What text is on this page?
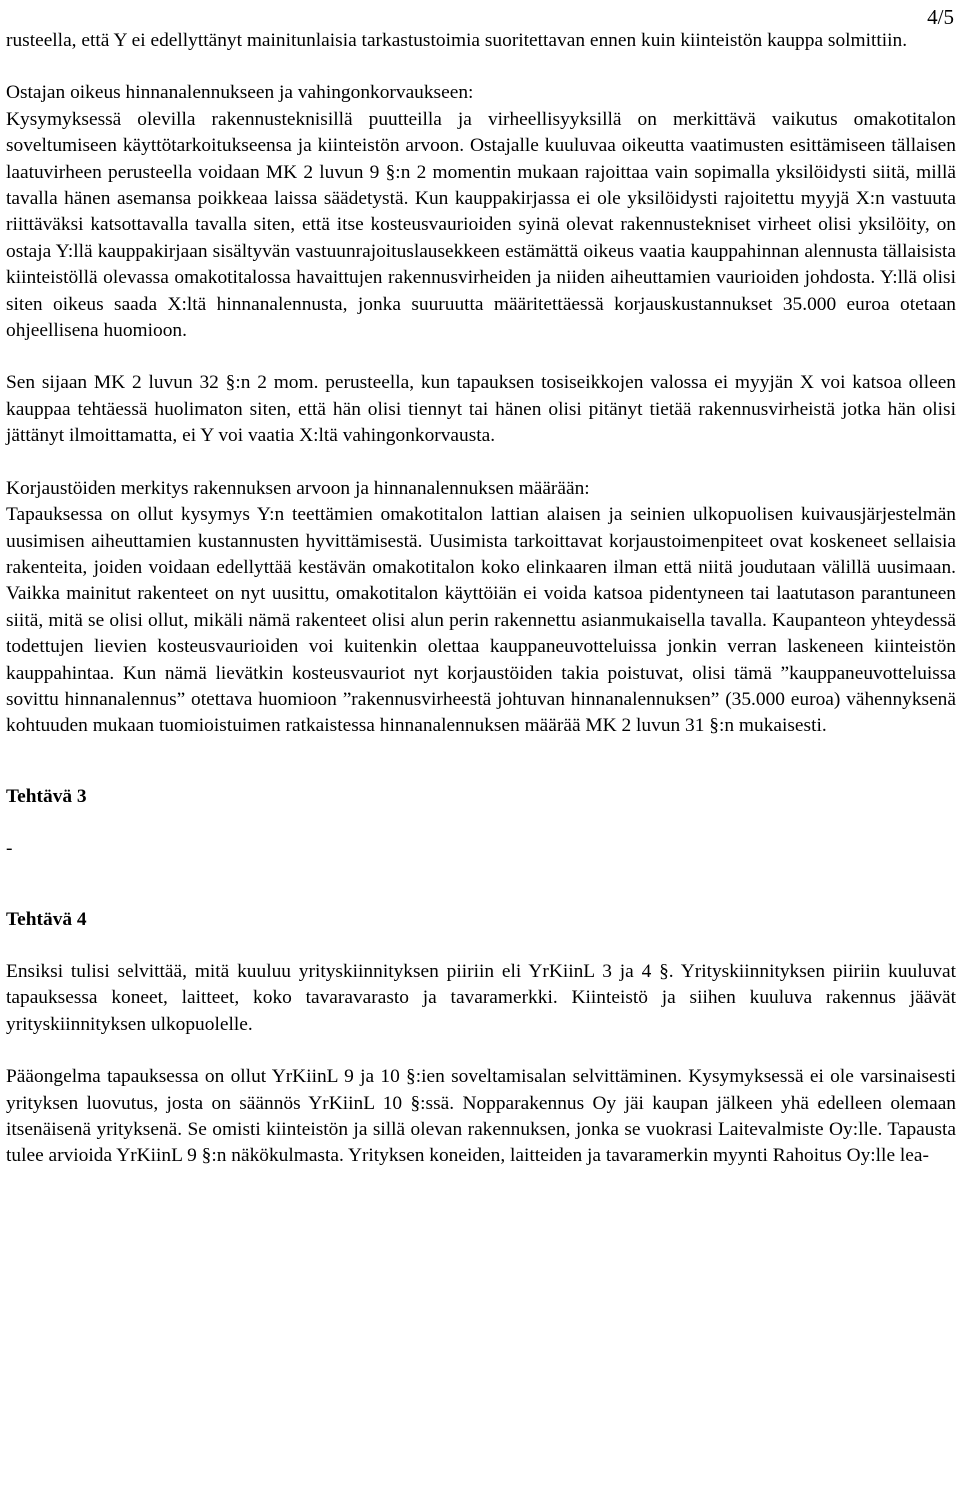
4/5

rusteella, että Y ei edellyttänyt mainitunlaisia tarkastustoimia suoritettavan ennen kuin kiinteistön kauppa solmittiin.

Ostajan oikeus hinnanalennukseen ja vahingonkorvaukseen:
Kysymyksessä olevilla rakennusteknisillä puutteilla ja virheellisyyksillä on merkittävä vaikutus omakotitalon soveltumiseen käyttötarkoitukseensa ja kiinteistön arvoon. Ostajalle kuuluvaa oikeutta vaatimusten esittämiseen tällaisen laatuvirheen perusteella voidaan MK 2 luvun 9 §:n 2 momentin mukaan rajoittaa vain sopimalla yksilöidysti siitä, millä tavalla hänen asemansa poikkeaa laissa säädetystä. Kun kauppakirjassa ei ole yksilöidysti rajoitettu myyjä X:n vastuuta riittäväksi katsottavalla tavalla siten, että itse kosteusvaurioiden syinä olevat rakennustekniset virheet olisi yksilöity, on ostaja Y:llä kauppakirjaan sisältyvän vastuunrajoituslausekkeen estämättä oikeus vaatia kauppahinnan alennusta tällaisista kiinteistöllä olevassa omakotitalossa havaittujen rakennusvirheiden ja niiden aiheuttamien vaurioiden johdosta. Y:llä olisi siten oikeus saada X:ltä hinnanalennusta, jonka suuruutta määritettäessä korjauskustannukset 35.000 euroa otetaan ohjeellisena huomioon.

Sen sijaan MK 2 luvun 32 §:n 2 mom. perusteella, kun tapauksen tosiseikkojen valossa ei myyjän X voi katsoa olleen kauppaa tehtäessä huolimaton siten, että hän olisi tiennyt tai hänen olisi pitänyt tietää rakennusvirheistä jotka hän olisi jättänyt ilmoittamatta, ei Y voi vaatia X:ltä vahingonkorvausta.

Korjaustöiden merkitys rakennuksen arvoon ja hinnanalennuksen määrään:
Tapauksessa on ollut kysymys Y:n teettämien omakotitalon lattian alaisen ja seinien ulkopuolisen kuivausjärjestelmän uusimisen aiheuttamien kustannusten hyvittämisestä. Uusimista tarkoittavat korjaustoimenpiteet ovat koskeneet sellaisia rakenteita, joiden voidaan edellyttää kestävän omakotitalon koko elinkaaren ilman että niitä joudutaan välillä uusimaan. Vaikka mainitut rakenteet on nyt uusittu, omakotitalon käyttöiän ei voida katsoa pidentyneen tai laatutason parantuneen siitä, mitä se olisi ollut, mikäli nämä rakenteet olisi alun perin rakennettu asianmukaisella tavalla. Kaupanteon yhteydessä todettujen lievien kosteusvaurioiden voi kuitenkin olettaa kauppaneuvotteluissa jonkin verran laskeneen kiinteistön kauppahintaa. Kun nämä lievätkin kosteusvauriot nyt korjaustöiden takia poistuvat, olisi tämä ”kauppaneuvotteluissa sovittu hinnanalennus” otettava huomioon ”rakennusvirheestä johtuvan hinnanalennuksen” (35.000 euroa) vähennyksenä kohtuuden mukaan tuomioistuimen ratkaistessa hinnanalennuksen määrää MK 2 luvun 31 §:n mukaisesti.

Tehtävä 3

-

Tehtävä 4

Ensiksi tulisi selvittää, mitä kuuluu yrityskiinnityksen piiriin eli YrKiinL 3 ja 4 §. Yrityskiinnityksen piiriin kuuluvat tapauksessa koneet, laitteet, koko tavaravarasto ja tavaramerkki. Kiinteistö ja siihen kuuluva rakennus jäävät yrityskiinnityksen ulkopuolelle.

Pääongelma tapauksessa on ollut YrKiinL 9 ja 10 §:ien soveltamisalan selvittäminen. Kysymyksessä ei ole varsinaisesti yrityksen luovutus, josta on säännös YrKiinL 10 §:ssä. Nopparakennus Oy jäi kaupan jälkeen yhä edelleen olemaan itsenäisenä yrityksenä. Se omisti kiinteistön ja sillä olevan rakennuksen, jonka se vuokrasi Laitevalmiste Oy:lle. Tapausta tulee arvioida YrKiinL 9 §:n näkökulmasta. Yrityksen koneiden, laitteiden ja tavaramerkin myynti Rahoitus Oy:lle lea-
